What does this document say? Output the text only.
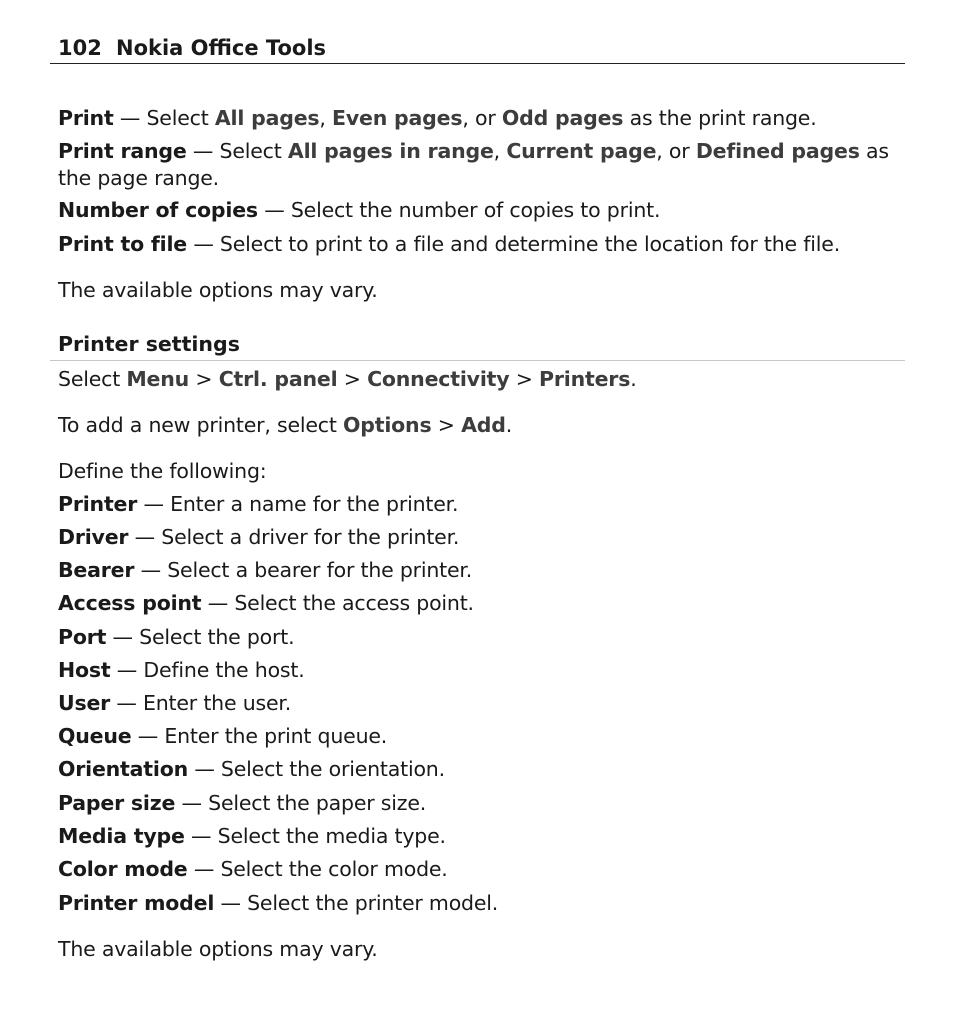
102 Nokia Office Tools
Print — Select All pages, Even pages, or Odd pages as the print range.
Print range — Select All pages in range, Current page, or Defined pages as the page range.
Number of copies — Select the number of copies to print.
Print to file — Select to print to a file and determine the location for the file.
The available options may vary.
Printer settings
Select Menu > Ctrl. panel > Connectivity > Printers.
To add a new printer, select Options > Add.
Define the following:
Printer — Enter a name for the printer.
Driver — Select a driver for the printer.
Bearer — Select a bearer for the printer.
Access point — Select the access point.
Port — Select the port.
Host — Define the host.
User — Enter the user.
Queue — Enter the print queue.
Orientation — Select the orientation.
Paper size — Select the paper size.
Media type — Select the media type.
Color mode — Select the color mode.
Printer model — Select the printer model.
The available options may vary.
